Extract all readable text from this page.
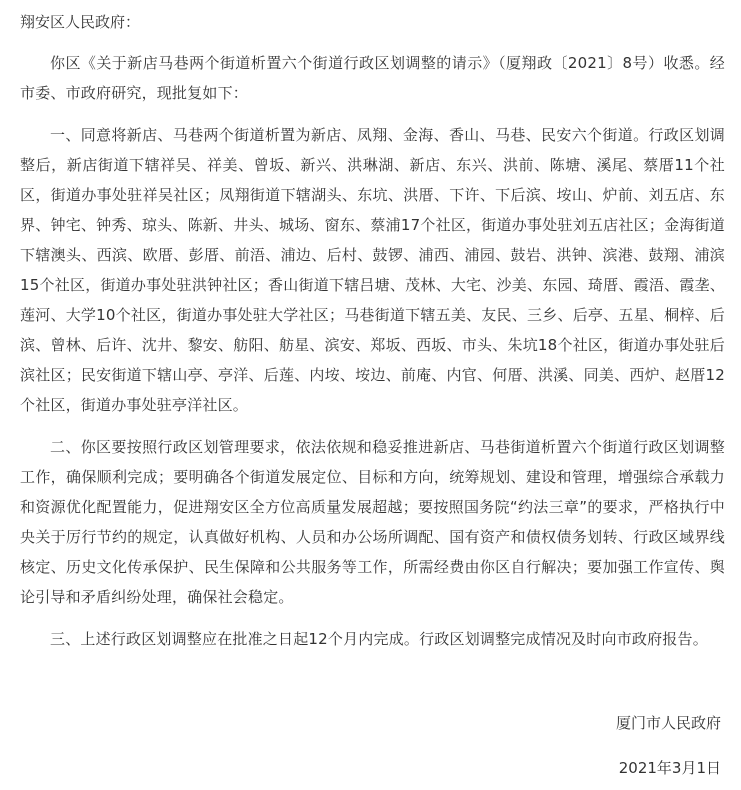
翔安区人民政府：

你区《关于新店马巷两个街道析置六个街道行政区划调整的请示》（厦翔政〔2021〕8号）收悉。经市委、市政府研究，现批复如下：

一、同意将新店、马巷两个街道析置为新店、凤翔、金海、香山、马巷、民安六个街道。行政区划调整后，新店街道下辖祥吴、祥美、曾坂、新兴、洪琳湖、新店、东兴、洪前、陈塘、溪尾、蔡厝11个社区，街道办事处驻祥吴社区；凤翔街道下辖湖头、东坑、洪厝、下许、下后滨、垵山、炉前、刘五店、东界、钟宅、钟秀、琼头、陈新、井头、城场、窗东、蔡浦17个社区，街道办事处驻刘五店社区；金海街道下辖澳头、西滨、欧厝、彭厝、前浯、浦边、后村、鼓锣、浦西、浦园、鼓岩、洪钟、滨港、鼓翔、浦滨15个社区，街道办事处驻洪钟社区；香山街道下辖吕塘、茂林、大宅、沙美、东园、琦厝、霞浯、霞垄、莲河、大学10个社区，街道办事处驻大学社区；马巷街道下辖五美、友民、三乡、后亭、五星、桐梓、后滨、曾林、后许、沈井、黎安、舫阳、舫星、滨安、郑坂、西坂、市头、朱坑18个社区，街道办事处驻后滨社区；民安街道下辖山亭、亭洋、后莲、内垵、垵边、前庵、内官、何厝、洪溪、同美、西炉、赵厝12个社区，街道办事处驻亭洋社区。

二、你区要按照行政区划管理要求，依法依规和稳妥推进新店、马巷街道析置六个街道行政区划调整工作，确保顺利完成；要明确各个街道发展定位、目标和方向，统筹规划、建设和管理，增强综合承载力和资源优化配置能力，促进翔安区全方位高质量发展超越；要按照国务院“约法三章”的要求，严格执行中央关于厉行节约的规定，认真做好机构、人员和办公场所调配、国有资产和债权债务划转、行政区域界线核定、历史文化传承保护、民生保障和公共服务等工作，所需经费由你区自行解决；要加强工作宣传、舆论引导和矛盾纠纷处理，确保社会稳定。

三、上述行政区划调整应在批准之日起12个月内完成。行政区划调整完成情况及时向市政府报告。

厦门市人民政府
2021年3月1日
